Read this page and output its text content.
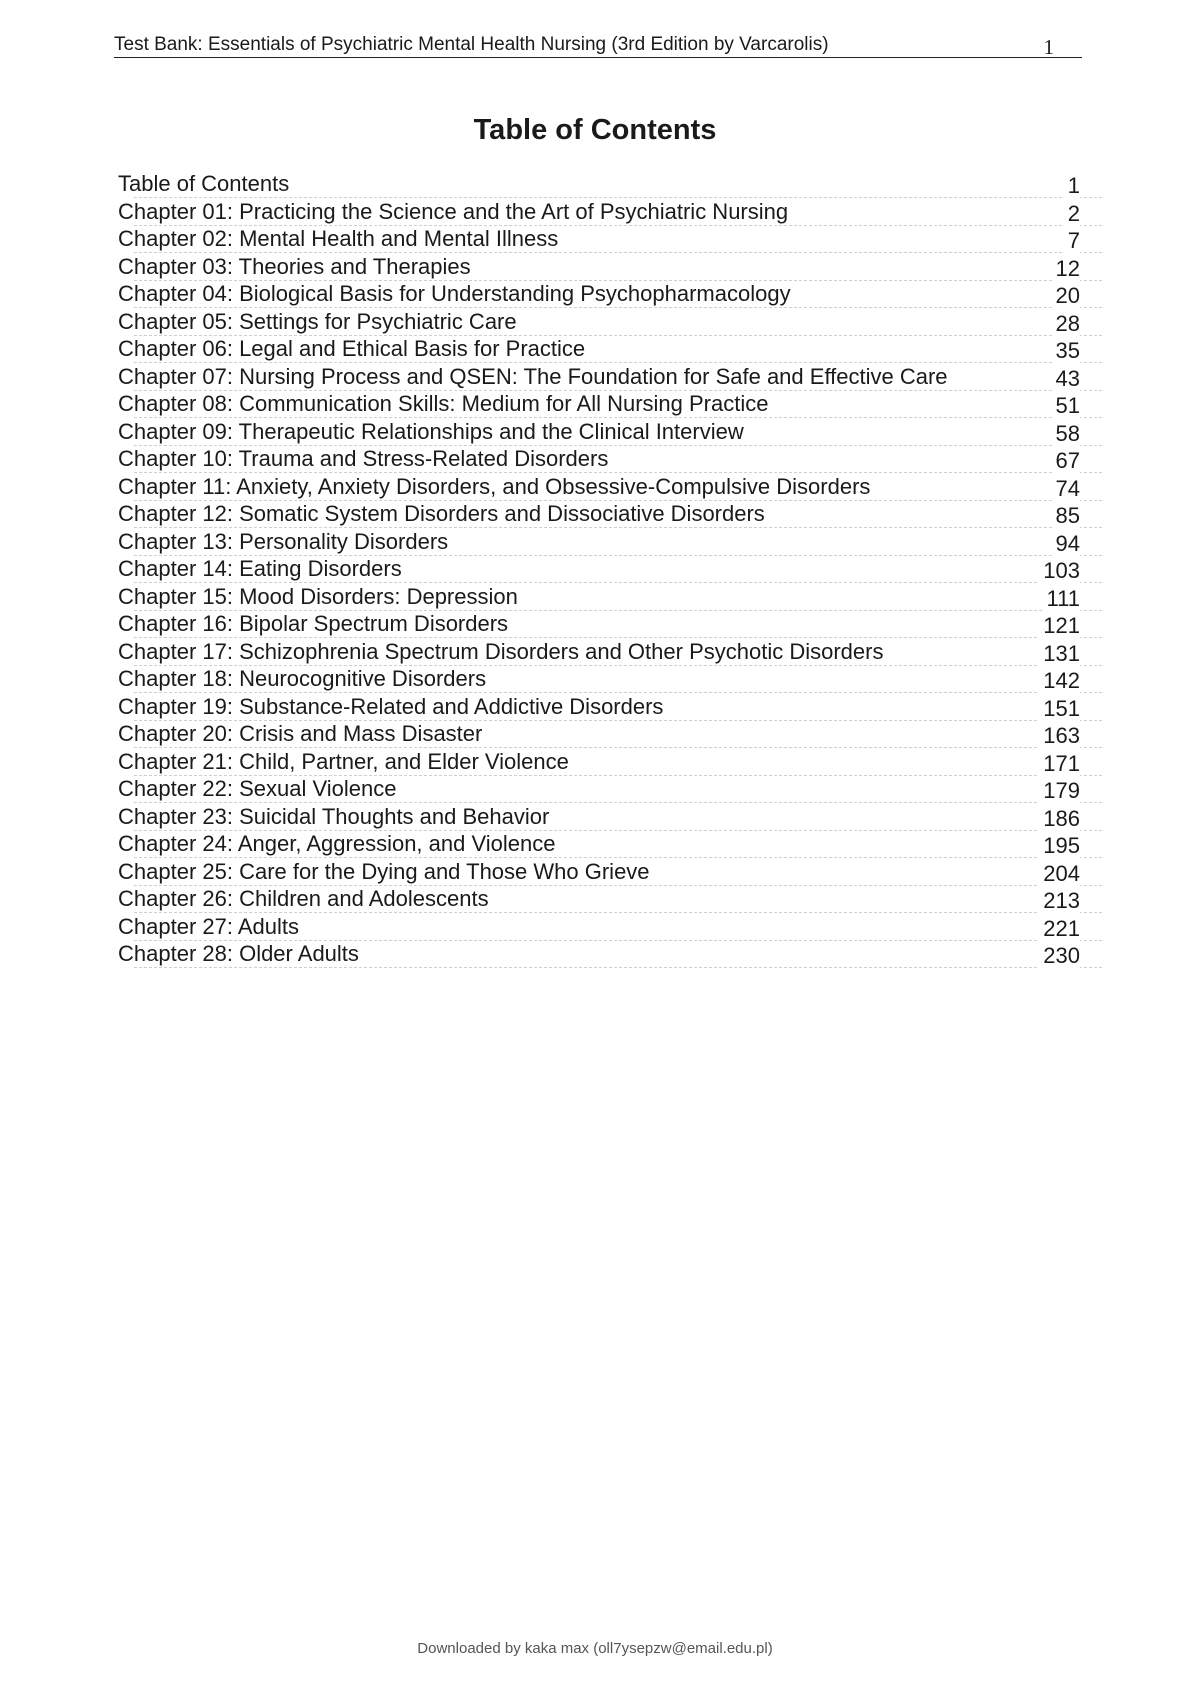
Test Bank: Essentials of Psychiatric Mental Health Nursing (3rd Edition by Varcarolis)	1
Table of Contents
Table of Contents	1
Chapter 01: Practicing the Science and the Art of Psychiatric Nursing	2
Chapter 02: Mental Health and Mental Illness	7
Chapter 03: Theories and Therapies	12
Chapter 04: Biological Basis for Understanding Psychopharmacology	20
Chapter 05: Settings for Psychiatric Care	28
Chapter 06: Legal and Ethical Basis for Practice	35
Chapter 07: Nursing Process and QSEN: The Foundation for Safe and Effective Care	43
Chapter 08: Communication Skills: Medium for All Nursing Practice	51
Chapter 09: Therapeutic Relationships and the Clinical Interview	58
Chapter 10: Trauma and Stress-Related Disorders	67
Chapter 11: Anxiety, Anxiety Disorders, and Obsessive-Compulsive Disorders	74
Chapter 12: Somatic System Disorders and Dissociative Disorders	85
Chapter 13: Personality Disorders	94
Chapter 14: Eating Disorders	103
Chapter 15: Mood Disorders: Depression	111
Chapter 16: Bipolar Spectrum Disorders	121
Chapter 17: Schizophrenia Spectrum Disorders and Other Psychotic Disorders	131
Chapter 18: Neurocognitive Disorders	142
Chapter 19: Substance-Related and Addictive Disorders	151
Chapter 20: Crisis and Mass Disaster	163
Chapter 21: Child, Partner, and Elder Violence	171
Chapter 22: Sexual Violence	179
Chapter 23: Suicidal Thoughts and Behavior	186
Chapter 24: Anger, Aggression, and Violence	195
Chapter 25: Care for the Dying and Those Who Grieve	204
Chapter 26: Children and Adolescents	213
Chapter 27: Adults	221
Chapter 28: Older Adults	230
Downloaded by kaka max (oll7ysepzw@email.edu.pl)
